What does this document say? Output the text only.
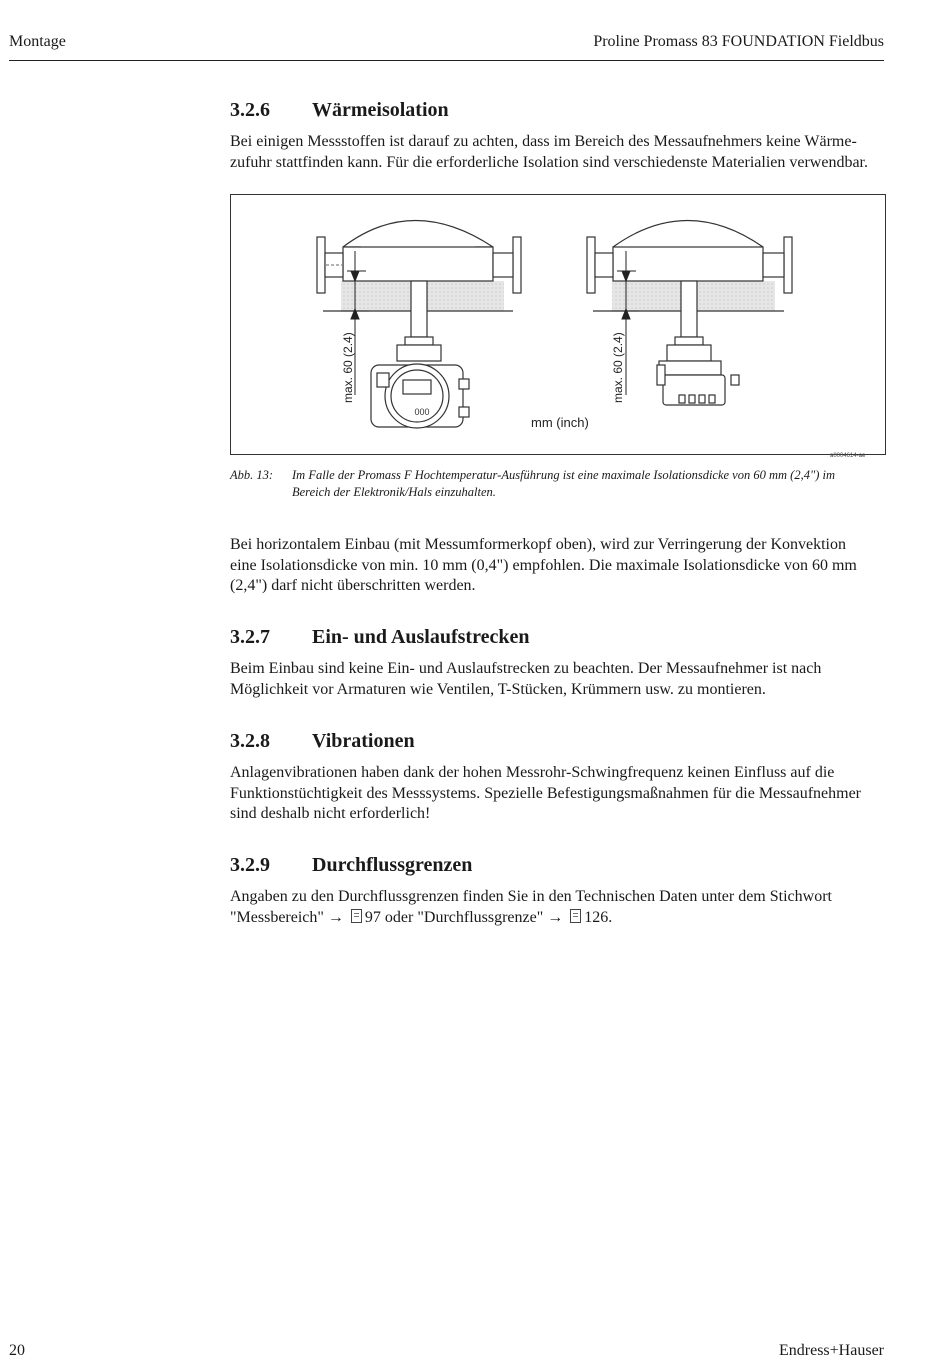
Montage	Proline Promass 83 FOUNDATION Fieldbus
3.2.6	Wärmeisolation

Bei einigen Messstoffen ist darauf zu achten, dass im Bereich des Messaufnehmers keine Wärme-

zufuhr stattfinden kann. Für die erforderliche Isolation sind verschiedenste Materialien verwendbar.

000
max. 60 (2.4)	max. 60 (2.4)
mm (inch)
a0004614-ae
Abb. 13:	Im Falle der Promass F Hochtemperatur-Ausführung ist eine maximale Isolationsdicke von 60 mm (2,4") im
Bereich der Elektronik/Hals einzuhalten.

Bei horizontalem Einbau (mit Messumformerkopf oben), wird zur Verringerung der Konvektion

eine Isolationsdicke von min. 10 mm (0,4") empfohlen. Die maximale Isolationsdicke von 60 mm

(2,4") darf nicht überschritten werden.

3.2.7	Ein- und Auslaufstrecken

Beim Einbau sind keine Ein- und Auslaufstrecken zu beachten. Der Messaufnehmer ist nach

Möglichkeit vor Armaturen wie Ventilen, T-Stücken, Krümmern usw. zu montieren.

3.2.8	Vibrationen

Anlagenvibrationen haben dank der hohen Messrohr-Schwingfrequenz keinen Einfluss auf die

Funktionstüchtigkeit des Messsystems. Spezielle Befestigungsmaßnahmen für die Messaufnehmer

sind deshalb nicht erforderlich!

3.2.9	Durchflussgrenzen

Angaben zu den Durchflussgrenzen finden Sie in den Technischen Daten unter dem Stichwort

"Messbereich" → 97 oder "Durchflussgrenze" → 126.

20	Endress+Hauser
